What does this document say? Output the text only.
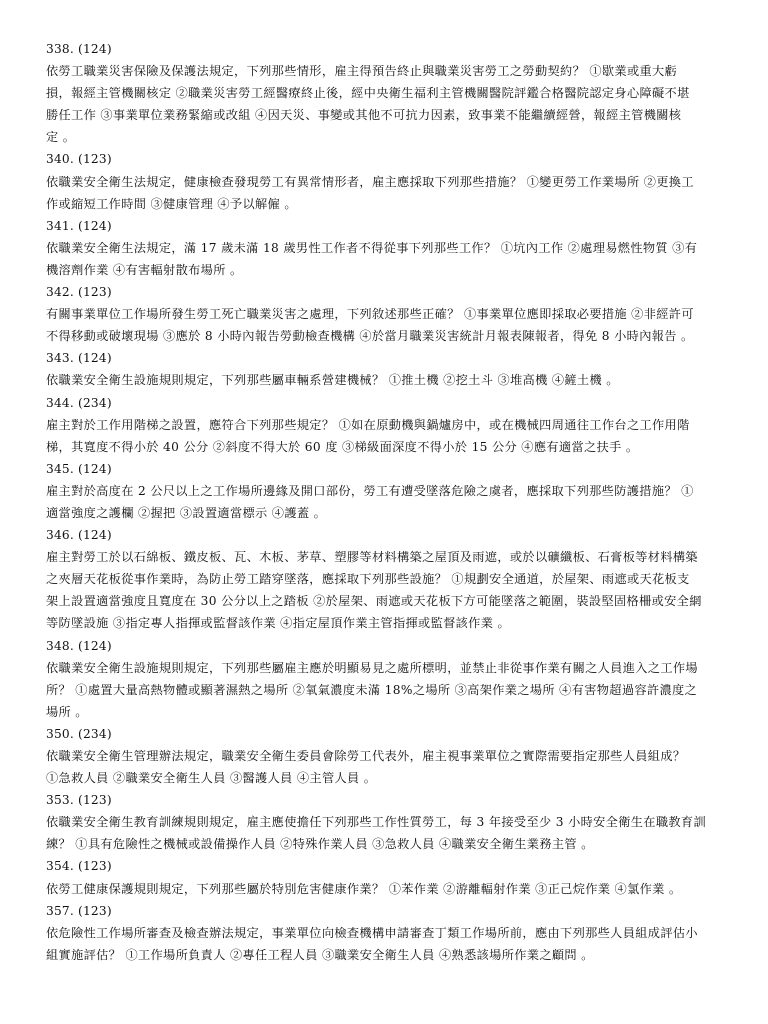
338. (124)
依勞工職業災害保險及保護法規定，下列那些情形，雇主得預告終止與職業災害勞工之勞動契約？ ①歇業或重大虧
損，報經主管機關核定 ②職業災害勞工經醫療終止後，經中央衛生福利主管機關醫院評鑑合格醫院認定身心障礙不堪
勝任工作 ③事業單位業務緊縮或改組 ④因天災、事變或其他不可抗力因素，致事業不能繼續經營，報經主管機關核
定 。
340. (123)
依職業安全衛生法規定，健康檢查發現勞工有異常情形者，雇主應採取下列那些措施？ ①變更勞工作業場所 ②更換工
作或縮短工作時間 ③健康管理 ④予以解僱 。
341. (124)
依職業安全衛生法規定，滿 17 歲未滿 18 歲男性工作者不得從事下列那些工作？ ①坑內工作 ②處理易燃性物質 ③有
機溶劑作業 ④有害輻射散布場所 。
342. (123)
有關事業單位工作場所發生勞工死亡職業災害之處理，下列敘述那些正確？ ①事業單位應即採取必要措施 ②非經許可
不得移動或破壞現場 ③應於 8 小時內報告勞動檢查機構 ④於當月職業災害統計月報表陳報者，得免 8 小時內報告 。
343. (124)
依職業安全衛生設施規則規定，下列那些屬車輛系營建機械？ ①推土機 ②挖土斗 ③堆高機 ④鏟土機 。
344. (234)
雇主對於工作用階梯之設置，應符合下列那些規定？ ①如在原動機與鍋爐房中，或在機械四周通往工作台之工作用階
梯，其寬度不得小於 40 公分 ②斜度不得大於 60 度 ③梯級面深度不得小於 15 公分 ④應有適當之扶手 。
345. (124)
雇主對於高度在 2 公尺以上之工作場所邊緣及開口部份，勞工有遭受墜落危險之虞者，應採取下列那些防護措施？ ①
適當強度之護欄 ②握把 ③設置適當標示 ④護蓋 。
346. (124)
雇主對勞工於以石綿板、鐵皮板、瓦、木板、茅草、塑膠等材料構築之屋頂及雨遮，或於以礦纖板、石膏板等材料構築
之夾層天花板從事作業時，為防止勞工踏穿墜落，應採取下列那些設施？ ①規劃安全通道，於屋架、雨遮或天花板支
架上設置適當強度且寬度在 30 公分以上之踏板 ②於屋架、雨遮或天花板下方可能墜落之範圍，裝設堅固格柵或安全網
等防墜設施 ③指定專人指揮或監督該作業 ④指定屋頂作業主管指揮或監督該作業 。
348. (124)
依職業安全衛生設施規則規定，下列那些屬雇主應於明顯易見之處所標明，並禁止非從事作業有關之人員進入之工作場
所？ ①處置大量高熱物體或顯著濕熱之場所 ②氧氣濃度未滿 18%之場所 ③高架作業之場所 ④有害物超過容許濃度之
場所 。
350. (234)
依職業安全衛生管理辦法規定，職業安全衛生委員會除勞工代表外，雇主視事業單位之實際需要指定那些人員組成？
①急救人員 ②職業安全衛生人員 ③醫護人員 ④主管人員 。
353. (123)
依職業安全衛生教育訓練規則規定，雇主應使擔任下列那些工作性質勞工，每 3 年接受至少 3 小時安全衛生在職教育訓
練？ ①具有危險性之機械或設備操作人員 ②特殊作業人員 ③急救人員 ④職業安全衛生業務主管 。
354. (123)
依勞工健康保護規則規定，下列那些屬於特別危害健康作業？ ①苯作業 ②游離輻射作業 ③正己烷作業 ④氯作業 。
357. (123)
依危險性工作場所審查及檢查辦法規定，事業單位向檢查機構申請審查丁類工作場所前，應由下列那些人員組成評估小
組實施評估？ ①工作場所負責人 ②專任工程人員 ③職業安全衛生人員 ④熟悉該場所作業之顧問 。
